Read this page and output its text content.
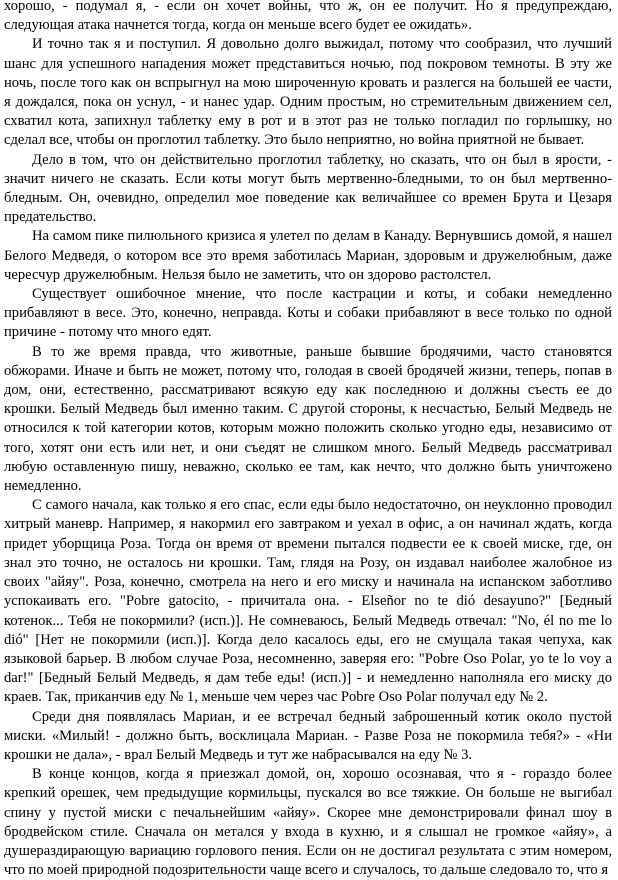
хорошо, - подумал я, - если он хочет войны, что ж, он ее получит. Но я предупреждаю, следующая атака начнется тогда, когда он меньше всего будет ее ожидать».

И точно так я и поступил. Я довольно долго выжидал, потому что сообразил, что лучший шанс для успешного нападения может представиться ночью, под покровом темноты. В эту же ночь, после того как он вспрыгнул на мою широченную кровать и разлегся на большей ее части, я дождался, пока он уснул, - и нанес удар. Одним простым, но стремительным движением сел, схватил кота, запихнул таблетку ему в рот и в этот раз не только погладил по горлышку, но сделал все, чтобы он проглотил таблетку. Это было неприятно, но война приятной не бывает.

Дело в том, что он действительно проглотил таблетку, но сказать, что он был в ярости, - значит ничего не сказать. Если коты могут быть мертвенно-бледными, то он был мертвенно-бледным. Он, очевидно, определил мое поведение как величайшее со времен Брута и Цезаря предательство.

На самом пике пилюльного кризиса я улетел по делам в Канаду. Вернувшись домой, я нашел Белого Медведя, о котором все это время заботилась Мариан, здоровым и дружелюбным, даже чересчур дружелюбным. Нельзя было не заметить, что он здорово растолстел.

Существует ошибочное мнение, что после кастрации и коты, и собаки немедленно прибавляют в весе. Это, конечно, неправда. Коты и собаки прибавляют в весе только по одной причине - потому что много едят.

В то же время правда, что животные, раньше бывшие бродячими, часто становятся обжорами. Иначе и быть не может, потому что, голодая в своей бродячей жизни, теперь, попав в дом, они, естественно, рассматривают всякую еду как последнюю и должны съесть ее до крошки. Белый Медведь был именно таким. С другой стороны, к несчастью, Белый Медведь не относился к той категории котов, которым можно положить сколько угодно еды, независимо от того, хотят они есть или нет, и они съедят не слишком много. Белый Медведь рассматривал любую оставленную пишу, неважно, сколько ее там, как нечто, что должно быть уничтожено немедленно.

С самого начала, как только я его спас, если еды было недостаточно, он неуклонно проводил хитрый маневр. Например, я накормил его завтраком и уехал в офис, а он начинал ждать, когда придет уборщица Роза. Тогда он время от времени пытался подвести ее к своей миске, где, он знал это точно, не осталось ни крошки. Там, глядя на Розу, он издавал наиболее жалобное из своих "айяу". Роза, конечно, смотрела на него и его миску и начинала на испанском заботливо успокаивать его. "Pobre gatocito, - причитала она. - Elseñor no te dió desayuno?" [Бедный котенок... Тебя не покормили? (исп.)]. Не сомневаюсь, Белый Медведь отвечал: "No, él no me lo dió" [Нет не покормили (исп.)]. Когда дело касалось еды, его не смущала такая чепуха, как языковой барьер. В любом случае Роза, несомненно, заверяя его: "Pobre Oso Polar, yo te lo voy a dar!" [Бедный Белый Медведь, я дам тебе еды! (исп.)] - и немедленно наполняла его миску до краев. Так, приканчив еду № 1, меньше чем через час Pobre Oso Polar получал еду № 2.

Среди дня появлялась Мариан, и ее встречал бедный заброшенный котик около пустой миски. «Милый! - должно быть, восклицала Мариан. - Разве Роза не покормила тебя?» - «Ни крошки не дала», - врал Белый Медведь и тут же набрасывался на еду № 3.

В конце концов, когда я приезжал домой, он, хорошо осознавая, что я - гораздо более крепкий орешек, чем предыдущие кормильцы, пускался во все тяжкие. Он больше не выгибал спину у пустой миски с печальнейшим «айяу». Скорее мне демонстрировали финал шоу в бродвейском стиле. Сначала он метался у входа в кухню, и я слышал не громкое «айяу», а душераздирающую вариацию горлового пения. Если он не достигал результата с этим номером, что по моей природной подозрительности чаще всего и случалось, то дальше следовало то, что я
